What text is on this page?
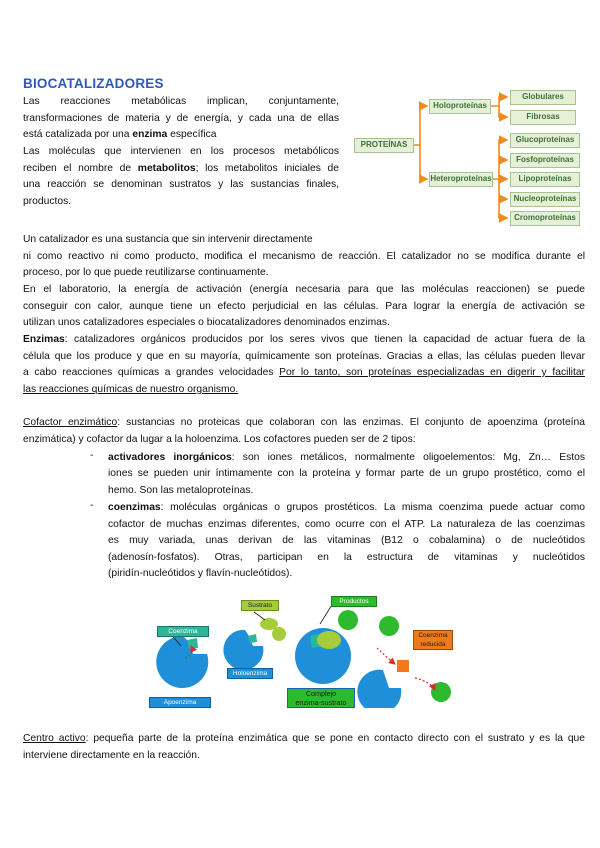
BIOCATALIZADORES

Las reacciones metabólicas implican, conjuntamente,

transformaciones de materia y de energía, y cada una de ellas

está catalizada por una enzima específica

Las moléculas que intervienen en los procesos metabólicos

reciben el nombre de metabolitos; los metabolitos iniciales de

una reacción se denominan sustratos y las sustancias finales,

productos.

PROTEÍNAS
Holoproteínas
Heteroproteínas
Globulares
Fibrosas
Glucoproteínas
Fosfoproteínas
Lipoproteínas
Nucleoproteínas
Cromoproteínas

Un catalizador es una sustancia que sin intervenir directamente

ni como reactivo ni como producto, modifica el mecanismo de reacción. El catalizador no se modifica durante el

proceso, por lo que puede reutilizarse continuamente.

En el laboratorio, la energía de activación (energía necesaria para que las moléculas reaccionen) se puede

conseguir con calor, aunque tiene un efecto perjudicial en las células. Para lograr la energía de activación se

utilizan unos catalizadores especiales o biocatalizadores denominados enzimas.

Enzimas: catalizadores orgánicos producidos por los seres vivos que tienen la capacidad de actuar fuera de la

célula que los produce y que en su mayoría, químicamente son proteínas. Gracias a ellas, las células pueden llevar

a cabo reacciones químicas a grandes velocidades Por lo tanto, son proteínas especializadas en digerir y facilitar

las reacciones químicas de nuestro organismo.

Cofactor enzimático: sustancias no proteicas que colaboran con las enzimas. El conjunto de apoenzima (proteína

enzimática) y cofactor da lugar a la holoenzima. Los cofactores pueden ser de 2 tipos:

- activadores inorgánicos: son iones metálicos, normalmente oligoelementos: Mg, Zn… Estos

iones se pueden unir íntimamente con la proteína y formar parte de un grupo prostético, como el

hemo. Son las metaloproteínas.

- coenzimas: moléculas orgánicas o grupos prostéticos. La misma coenzima puede actuar como

cofactor de muchas enzimas diferentes, como ocurre con el ATP. La naturaleza de las coenzimas

es muy variada, unas derivan de las vitaminas (B12 o cobalamina) o de nucleótidos

(adenosín-fosfatos). Otras, participan en la estructura de vitaminas y nucleótidos

(piridín-nucleótidos y flavín-nucleótidos).

Coenzima
Apoenzima
Holoenzima
Sustrato
Productos
Complejo
enzima-sustrato
Coenzima
reducida

Centro activo: pequeña parte de la proteína enzimática que se pone en contacto directo con el sustrato y es la que

interviene directamente en la reacción.
